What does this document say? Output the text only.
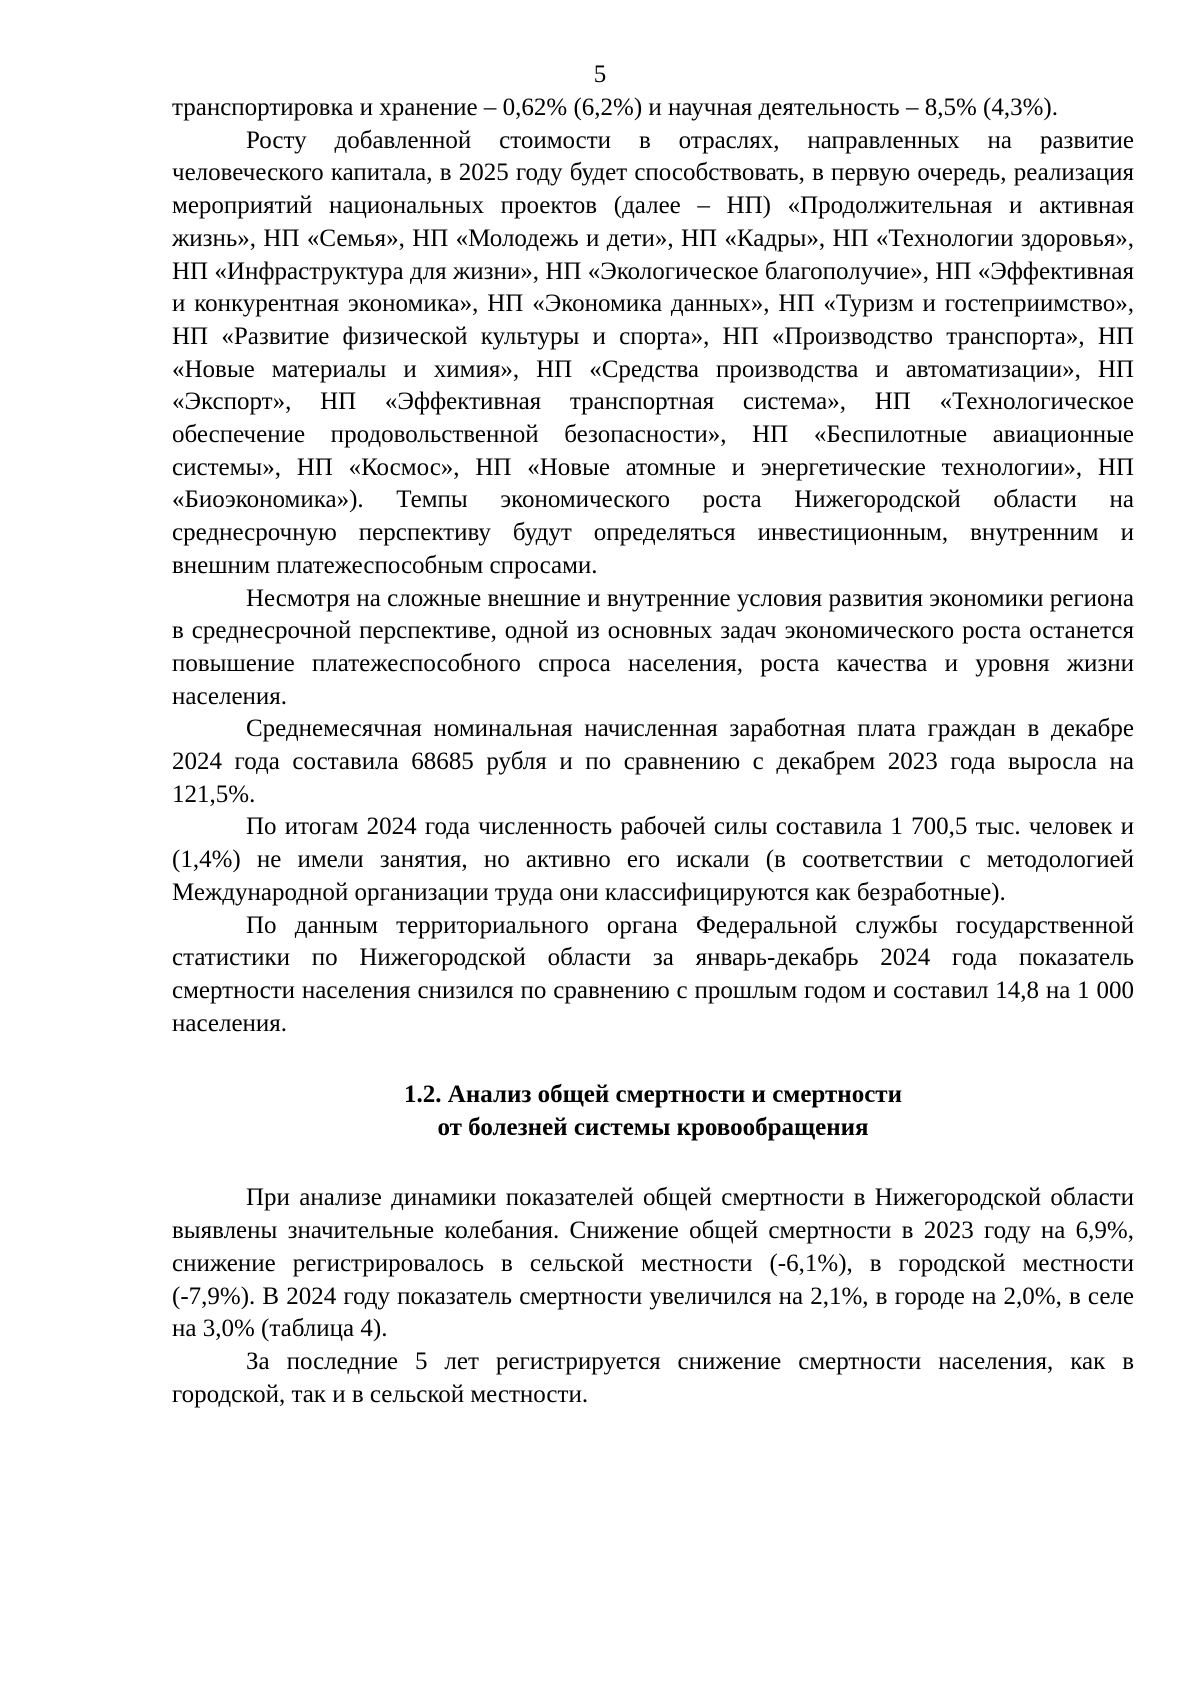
5

транспортировка и хранение – 0,62% (6,2%) и научная деятельность – 8,5% (4,3%).

Росту добавленной стоимости в отраслях, направленных на развитие человеческого капитала, в 2025 году будет способствовать, в первую очередь, реализация мероприятий национальных проектов (далее – НП) «Продолжительная и активная жизнь», НП «Семья», НП «Молодежь и дети», НП «Кадры», НП «Технологии здоровья», НП «Инфраструктура для жизни», НП «Экологическое благополучие», НП «Эффективная и конкурентная экономика», НП «Экономика данных», НП «Туризм и гостеприимство», НП «Развитие физической культуры и спорта», НП «Производство транспорта», НП «Новые материалы и химия», НП «Средства производства и автоматизации», НП «Экспорт», НП «Эффективная транспортная система», НП «Технологическое обеспечение продовольственной безопасности», НП «Беспилотные авиационные системы», НП «Космос», НП «Новые атомные и энергетические технологии», НП «Биоэкономика»). Темпы экономического роста Нижегородской области на среднесрочную перспективу будут определяться инвестиционным, внутренним и внешним платежеспособным спросами.

Несмотря на сложные внешние и внутренние условия развития экономики региона в среднесрочной перспективе, одной из основных задач экономического роста останется повышение платежеспособного спроса населения, роста качества и уровня жизни населения.

Среднемесячная номинальная начисленная заработная плата граждан в декабре 2024 года составила 68685 рубля и по сравнению с декабрем 2023 года выросла на 121,5%.

По итогам 2024 года численность рабочей силы составила 1 700,5 тыс. человек и (1,4%) не имели занятия, но активно его искали (в соответствии с методологией Международной организации труда они классифицируются как безработные).

По данным территориального органа Федеральной службы государственной статистики по Нижегородской области за январь-декабрь 2024 года показатель смертности населения снизился по сравнению с прошлым годом и составил 14,8 на 1 000 населения.

1.2. Анализ общей смертности и смертности
от болезней системы кровообращения

При анализе динамики показателей общей смертности в Нижегородской области выявлены значительные колебания. Снижение общей смертности в 2023 году на 6,9%, снижение регистрировалось в сельской местности (-6,1%), в городской местности (-7,9%). В 2024 году показатель смертности увеличился на 2,1%, в городе на 2,0%, в селе на 3,0% (таблица 4).

За последние 5 лет регистрируется снижение смертности населения, как в городской, так и в сельской местности.
